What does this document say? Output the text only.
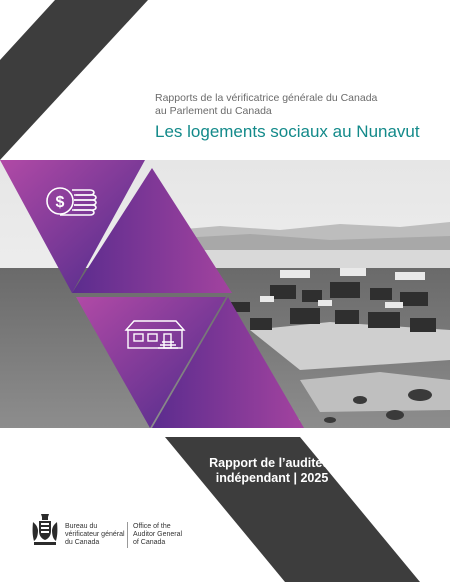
$
Rapports de la vérificatrice générale du Canada
au Parlement du Canada
Les logements sociaux au Nunavut
Rapport de l’auditeur
indépendant | 2025
Bureau du
vérificateur général
du Canada
Office of the
Auditor General
of Canada
